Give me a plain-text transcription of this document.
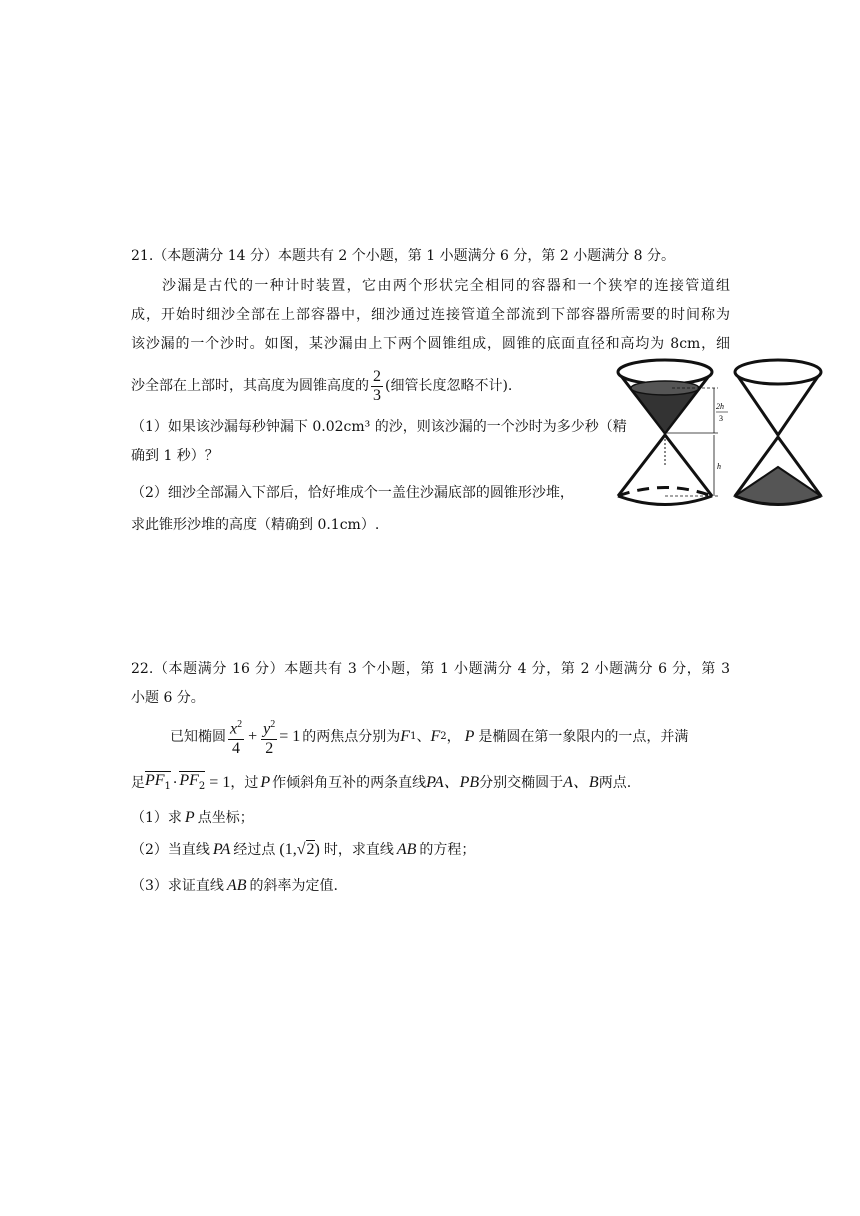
21.（本题满分 14 分）本题共有 2 个小题，第 1 小题满分 6 分，第 2 小题满分 8 分。
沙漏是古代的一种计时装置，它由两个形状完全相同的容器和一个狭窄的连接管道组
成，开始时细沙全部在上部容器中，细沙通过连接管道全部流到下部容器所需要的时间称为
该沙漏的一个沙时。如图，某沙漏由上下两个圆锥组成，圆锥的底面直径和高均为 8cm，细
沙全部在上部时，其高度为圆锥高度的 $\frac{2}{3}$ (细管长度忽略不计).
（1）如果该沙漏每秒钟漏下 0.02cm³ 的沙，则该沙漏的一个沙时为多少秒（精
确到 1 秒）？
（2）细沙全部漏入下部后，恰好堆成个一盖住沙漏底部的圆锥形沙堆，
求此锥形沙堆的高度（精确到 0.1cm）.
2h
3
h
22.（本题满分 16 分）本题共有 3 个小题，第 1 小题满分 4 分，第 2 小题满分 6 分，第 3
小题 6 分。
已知椭圆 $\frac{x^2}{4} + \frac{y^2}{2} = 1$ 的两焦点分别为 F 1 、 F 2 ， P 是椭圆在第一象限内的一点，并满
足 $PF_1 \cdot PF_2 = 1$ ，过 P 作倾斜角互补的两条直线 PA、PB 分别交椭圆于 A、B 两点.
（1）求 P 点坐标；
（2）当直线 PA 经过点 (1,√2) 时，求直线 AB 的方程；
（3）求证直线 AB 的斜率为定值.
